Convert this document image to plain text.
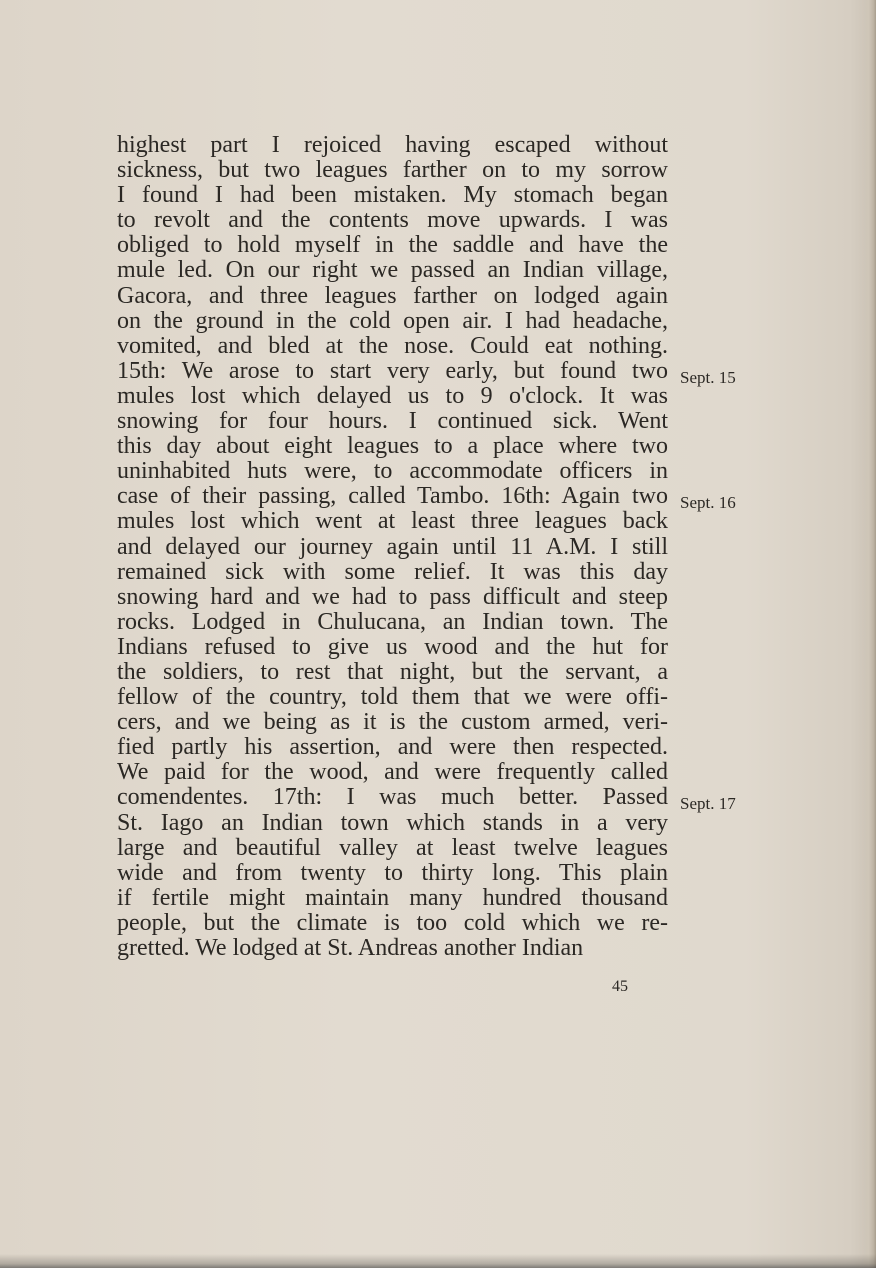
highest part I rejoiced having escaped without
sickness, but two leagues farther on to my sorrow
I found I had been mistaken. My stomach began
to revolt and the contents move upwards. I was
obliged to hold myself in the saddle and have the
mule led. On our right we passed an Indian village,
Gacora, and three leagues farther on lodged again
on the ground in the cold open air. I had headache,
vomited, and bled at the nose. Could eat nothing.
15th: We arose to start very early, but found two
mules lost which delayed us to 9 o'clock. It was
snowing for four hours. I continued sick. Went
this day about eight leagues to a place where two
uninhabited huts were, to accommodate officers in
case of their passing, called Tambo. 16th: Again two
mules lost which went at least three leagues back
and delayed our journey again until 11 A.M. I still
remained sick with some relief. It was this day
snowing hard and we had to pass difficult and steep
rocks. Lodged in Chulucana, an Indian town. The
Indians refused to give us wood and the hut for
the soldiers, to rest that night, but the servant, a
fellow of the country, told them that we were offi-
cers, and we being as it is the custom armed, veri-
fied partly his assertion, and were then respected.
We paid for the wood, and were frequently called
comendentes. 17th: I was much better. Passed
St. Iago an Indian town which stands in a very
large and beautiful valley at least twelve leagues
wide and from twenty to thirty long. This plain
if fertile might maintain many hundred thousand
people, but the climate is too cold which we re-
gretted. We lodged at St. Andreas another Indian
Sept. 15
Sept. 16
Sept. 17
45
